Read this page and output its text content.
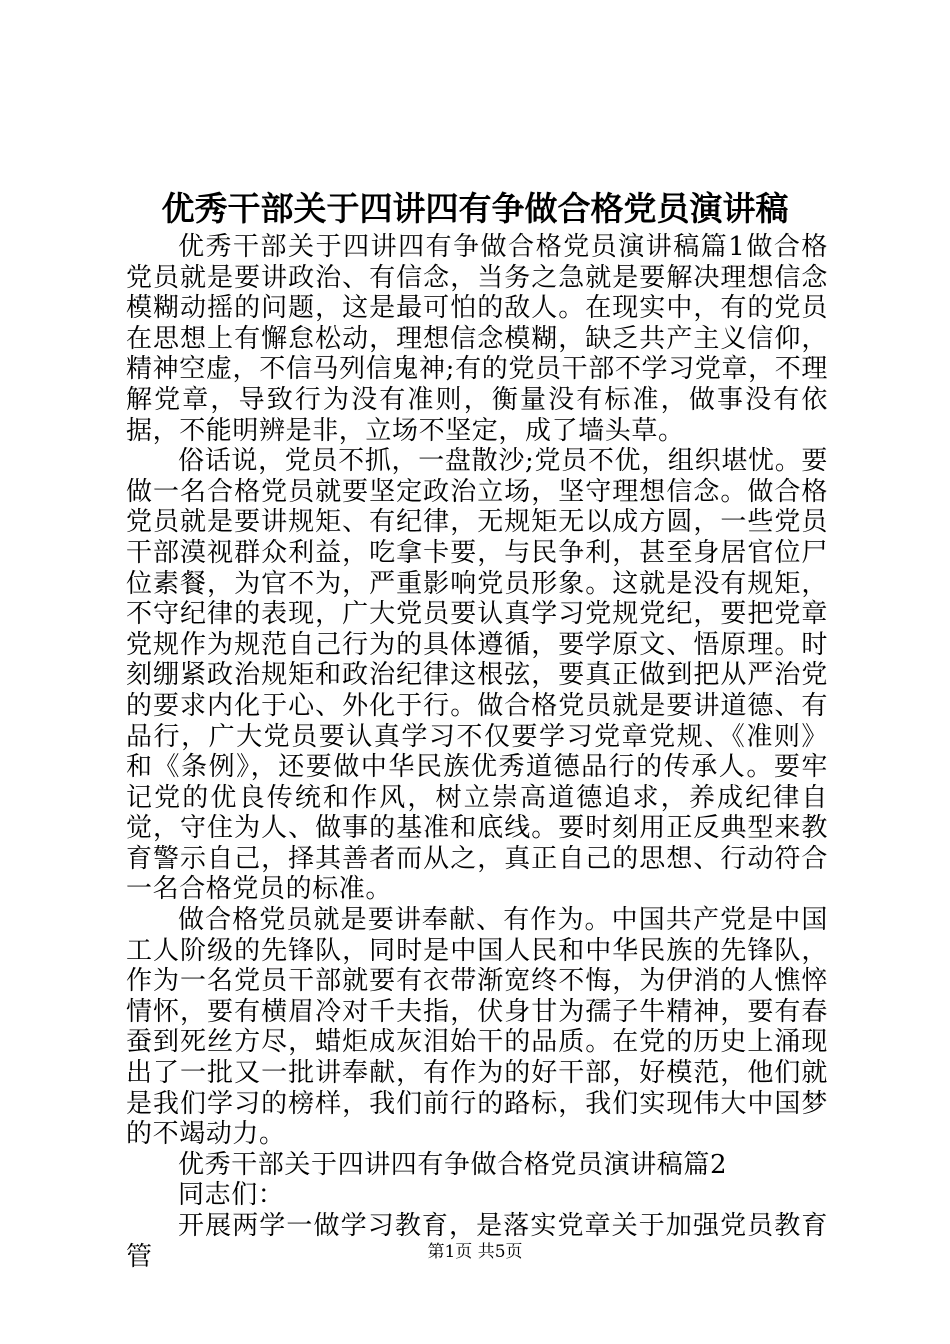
优秀干部关于四讲四有争做合格党员演讲稿

优秀干部关于四讲四有争做合格党员演讲稿篇1做合格党员就是要讲政治、有信念，当务之急就是要解决理想信念模糊动摇的问题，这是最可怕的敌人。在现实中，有的党员在思想上有懈怠松动，理想信念模糊，缺乏共产主义信仰，精神空虚，不信马列信鬼神;有的党员干部不学习党章，不理解党章，导致行为没有准则，衡量没有标准，做事没有依据，不能明辨是非，立场不坚定，成了墙头草。

俗话说，党员不抓，一盘散沙;党员不优，组织堪忧。要做一名合格党员就要坚定政治立场，坚守理想信念。做合格党员就是要讲规矩、有纪律，无规矩无以成方圆，一些党员干部漠视群众利益，吃拿卡要，与民争利，甚至身居官位尸位素餐，为官不为，严重影响党员形象。这就是没有规矩，不守纪律的表现，广大党员要认真学习党规党纪，要把党章党规作为规范自己行为的具体遵循，要学原文、悟原理。时刻绷紧政治规矩和政治纪律这根弦，要真正做到把从严治党的要求内化于心、外化于行。做合格党员就是要讲道德、有品行，广大党员要认真学习不仅要学习党章党规、《准则》和《条例》，还要做中华民族优秀道德品行的传承人。要牢记党的优良传统和作风，树立崇高道德追求，养成纪律自觉，守住为人、做事的基准和底线。要时刻用正反典型来教育警示自己，择其善者而从之，真正自己的思想、行动符合一名合格党员的标准。

做合格党员就是要讲奉献、有作为。中国共产党是中国工人阶级的先锋队，同时是中国人民和中华民族的先锋队，作为一名党员干部就要有衣带渐宽终不悔，为伊消的人憔悴情怀，要有横眉冷对千夫指，伏身甘为孺子牛精神，要有春蚕到死丝方尽，蜡炬成灰泪始干的品质。在党的历史上涌现出了一批又一批讲奉献，有作为的好干部，好模范，他们就是我们学习的榜样，我们前行的路标，我们实现伟大中国梦的不竭动力。

优秀干部关于四讲四有争做合格党员演讲稿篇2

同志们：

开展两学一做学习教育，是落实党章关于加强党员教育管	第1页 共5页
